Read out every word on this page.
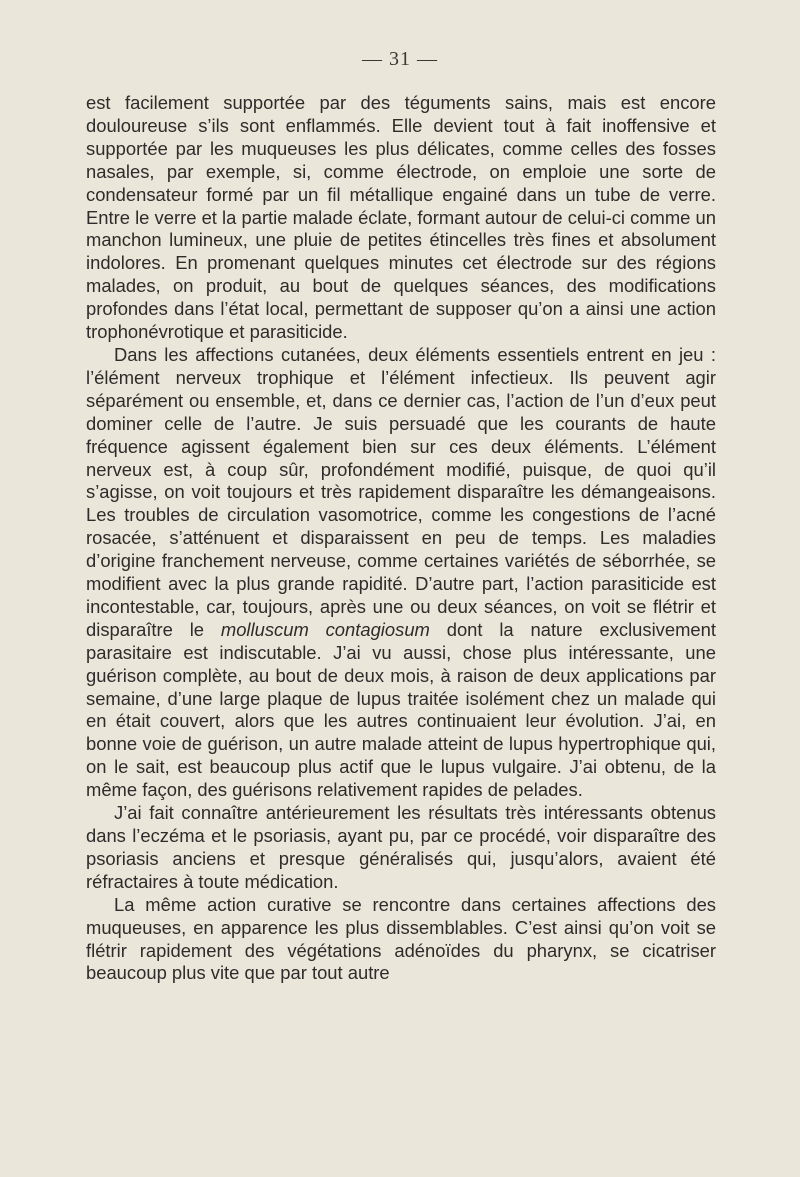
— 31 —

est facilement supportée par des téguments sains, mais est encore douloureuse s’ils sont enflammés. Elle devient tout à fait inoffensive et supportée par les muqueuses les plus délicates, comme celles des fosses nasales, par exemple, si, comme électrode, on emploie une sorte de condensateur formé par un fil métallique engainé dans un tube de verre. Entre le verre et la partie malade éclate, formant autour de celui-ci comme un manchon lumineux, une pluie de petites étincelles très fines et absolument indolores. En promenant quelques minutes cet électrode sur des régions malades, on produit, au bout de quelques séances, des modifications profondes dans l’état local, permettant de supposer qu’on a ainsi une action trophonévrotique et parasiticide.

Dans les affections cutanées, deux éléments essentiels entrent en jeu : l’élément nerveux trophique et l’élément infectieux. Ils peuvent agir séparément ou ensemble, et, dans ce dernier cas, l’action de l’un d’eux peut dominer celle de l’autre. Je suis persuadé que les courants de haute fréquence agissent également bien sur ces deux éléments. L’élément nerveux est, à coup sûr, profondément modifié, puisque, de quoi qu’il s’agisse, on voit toujours et très rapidement disparaître les démangeaisons. Les troubles de circulation vasomotrice, comme les congestions de l’acné rosacée, s’atténuent et disparaissent en peu de temps. Les maladies d’origine franchement nerveuse, comme certaines variétés de séborrhée, se modifient avec la plus grande rapidité. D’autre part, l’action parasiticide est incontestable, car, toujours, après une ou deux séances, on voit se flétrir et disparaître le molluscum contagiosum dont la nature exclusivement parasitaire est indiscutable. J’ai vu aussi, chose plus intéressante, une guérison complète, au bout de deux mois, à raison de deux applications par semaine, d’une large plaque de lupus traitée isolément chez un malade qui en était couvert, alors que les autres continuaient leur évolution. J’ai, en bonne voie de guérison, un autre malade atteint de lupus hypertrophique qui, on le sait, est beaucoup plus actif que le lupus vulgaire. J’ai obtenu, de la même façon, des guérisons relativement rapides de pelades.

J’ai fait connaître antérieurement les résultats très intéressants obtenus dans l’eczéma et le psoriasis, ayant pu, par ce procédé, voir disparaître des psoriasis anciens et presque généralisés qui, jusqu’alors, avaient été réfractaires à toute médication.

La même action curative se rencontre dans certaines affections des muqueuses, en apparence les plus dissemblables. C’est ainsi qu’on voit se flétrir rapidement des végétations adénoïdes du pharynx, se cicatriser beaucoup plus vite que par tout autre
